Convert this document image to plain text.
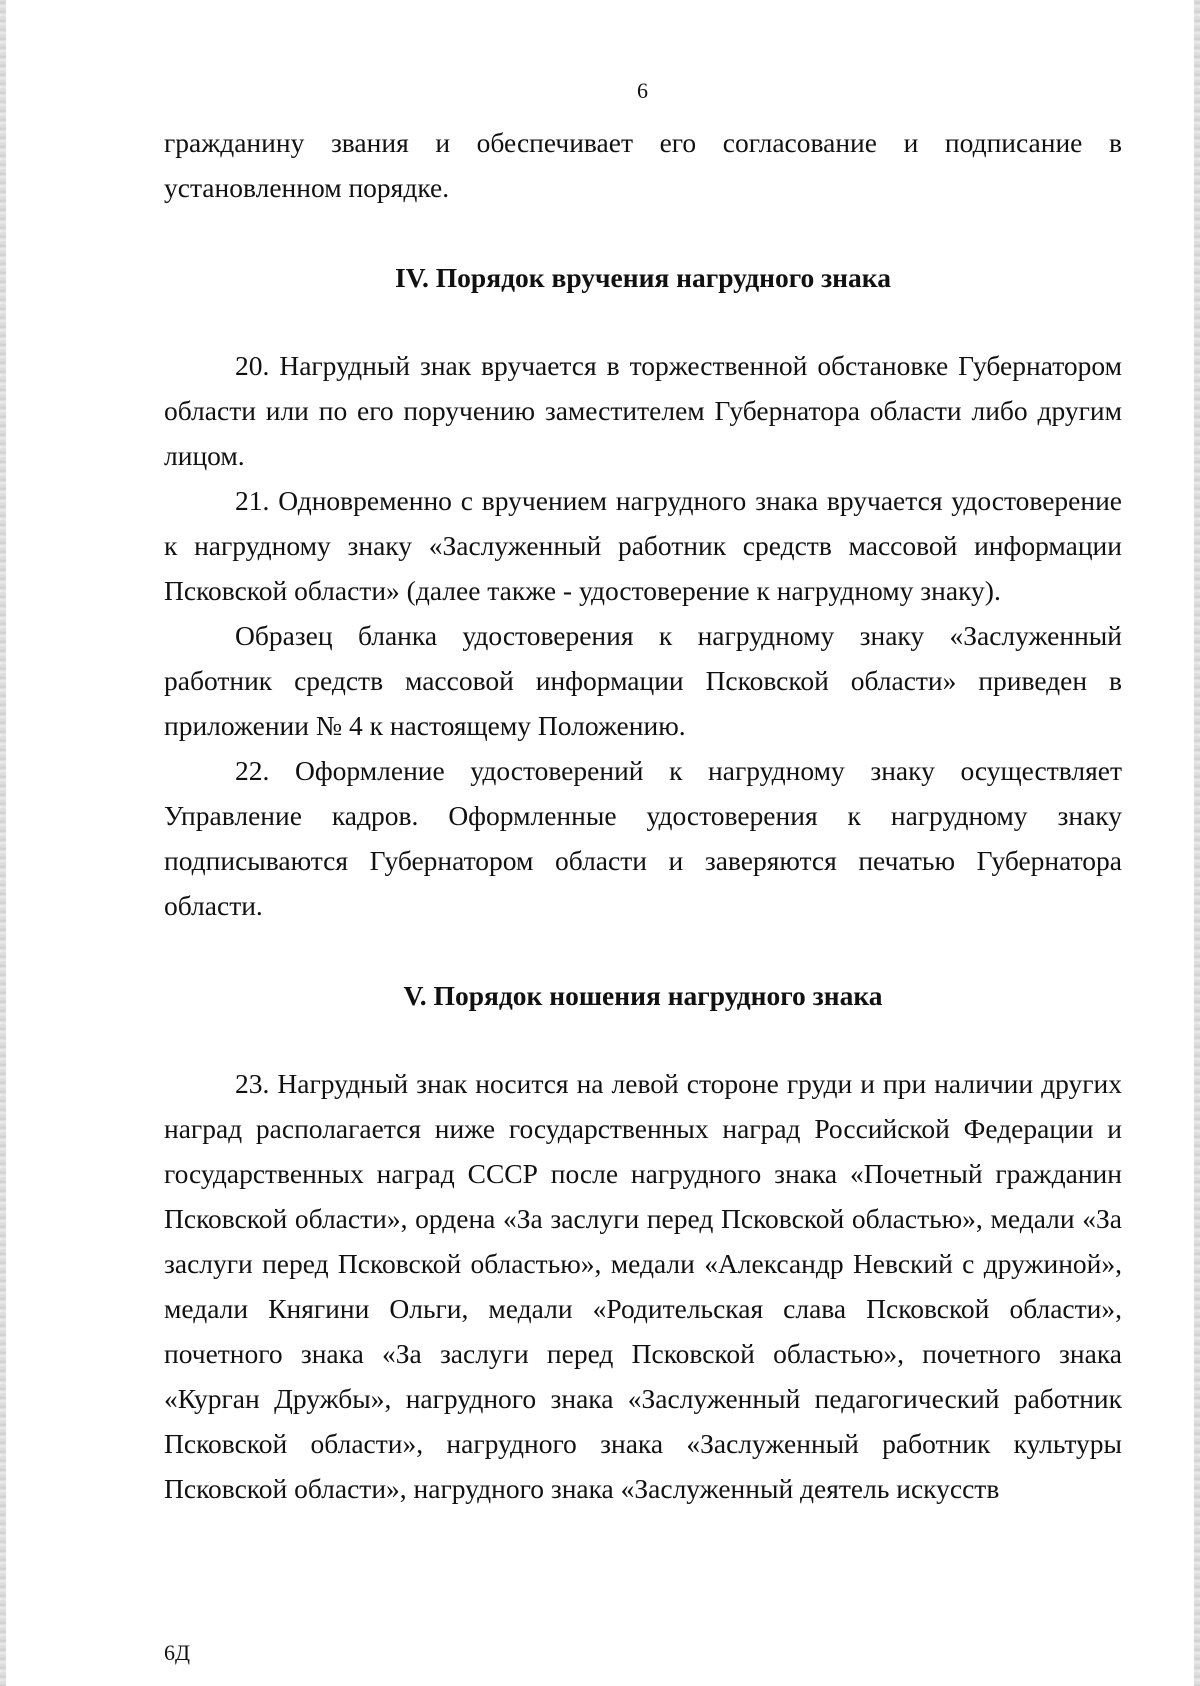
6

гражданину звания и обеспечивает его согласование и подписание в установленном порядке.

IV. Порядок вручения нагрудного знака

20. Нагрудный знак вручается в торжественной обстановке Губернатором области или по его поручению заместителем Губернатора области либо другим лицом.

21. Одновременно с вручением нагрудного знака вручается удостоверение к нагрудному знаку «Заслуженный работник средств массовой информации Псковской области» (далее также - удостоверение к нагрудному знаку).

Образец бланка удостоверения к нагрудному знаку «Заслуженный работник средств массовой информации Псковской области» приведен в приложении № 4 к настоящему Положению.

22. Оформление удостоверений к нагрудному знаку осуществляет Управление кадров. Оформленные удостоверения к нагрудному знаку подписываются Губернатором области и заверяются печатью Губернатора области.

V. Порядок ношения нагрудного знака

23. Нагрудный знак носится на левой стороне груди и при наличии других наград располагается ниже государственных наград Российской Федерации и государственных наград СССР после нагрудного знака «Почетный гражданин Псковской области», ордена «За заслуги перед Псковской областью», медали «За заслуги перед Псковской областью», медали «Александр Невский с дружиной», медали Княгини Ольги, медали «Родительская слава Псковской области», почетного знака «За заслуги перед Псковской областью», почетного знака «Курган Дружбы», нагрудного знака «Заслуженный педагогический работник Псковской области», нагрудного знака «Заслуженный работник культуры Псковской области», нагрудного знака «Заслуженный деятель искусств

6Д
